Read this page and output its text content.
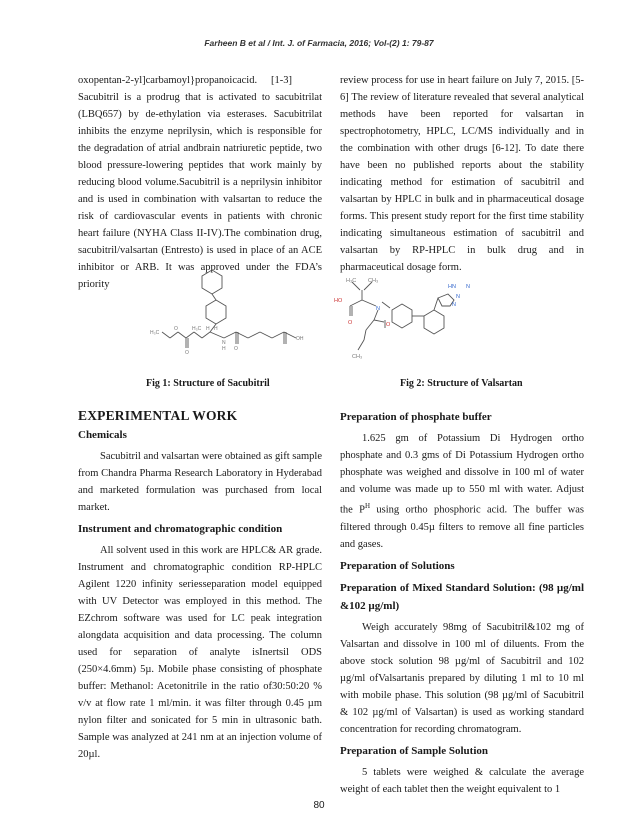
Farheen B et al / Int. J. of Farmacia, 2016; Vol-(2) 1: 79-87

oxopentan-2-yl]carbamoyl}propanoicacid. [1-3]

Sacubitril is a prodrug that is activated to sacubitrilat (LBQ657) by de-ethylation via esterases. Sacubitrilat inhibits the enzyme neprilysin, which is responsible for the degradation of atrial andbrain natriuretic peptide, two blood pressure-lowering peptides that work mainly by reducing blood volume.Sacubitril is a neprilysin inhibitor and is used in combination with valsartan to reduce the risk of cardiovascular events in patients with chronic heart failure (NYHA Class II-IV).The combination drug, sacubitril/valsartan (Entresto) is used in place of an ACE inhibitor or ARB. It was approved under the FDA’s priority

review process for use in heart failure on July 7, 2015. [5-6] The review of literature revealed that several analytical methods have been reported for valsartan in spectrophotometry, HPLC, LC/MS individually and in the combination with other drugs [6-12]. To date there have been no published reports about the stability indicating method for estimation of sacubitril and valsartan by HPLC in bulk and in pharmaceutical dosage forms. This present study report for the first time stability indicating simultaneous estimation of sacubitril and valsartan by RP-HPLC in bulk drug and in pharmaceutical dosage form.

H₃C
O
O
H₃C H H
N
H O
OH
H₃C CH₃
HO
N
O	O
CH₃
HN N
N
N
Fig 1: Structure of Sacubitril	Fig 2: Structure of Valsartan

EXPERIMENTAL WORK

Chemicals

Sacubitril and valsartan were obtained as gift sample from Chandra Pharma Research Laboratory in Hyderabad and marketed formulation was purchased from local market.

Instrument and chromatographic condition

All solvent used in this work are HPLC& AR grade. Instrument and chromatographic condition RP-HPLC Agilent 1220 infinity seriesseparation model equipped with UV Detector was employed in this method. The EZchrom software was used for LC peak integration alongdata acquisition and data processing. The column used for separation of analyte isInertsil ODS (250×4.6mm) 5µ. Mobile phase consisting of phosphate buffer: Methanol: Acetonitrile in the ratio of30:50:20 % v/v at flow rate 1 ml/min. it was filter through 0.45 µm nylon filter and sonicated for 5 min in ultrasonic bath. Sample was analyzed at 241 nm at an injection volume of 20µl.

Preparation of phosphate buffer

1.625 gm of Potassium Di Hydrogen ortho phosphate and 0.3 gms of Di Potassium Hydrogen ortho phosphate was weighed and dissolve in 100 ml of water and volume was made up to 550 ml with water. Adjust the $P^H$ using ortho phosphoric acid. The buffer was filtered through 0.45µ filters to remove all fine particles and gases.

Preparation of Solutions

Preparation of Mixed Standard Solution: (98 µg/ml &102 µg/ml)

Weigh accurately 98mg of Sacubitril&102 mg of Valsartan and dissolve in 100 ml of diluents. From the above stock solution 98 µg/ml of Sacubitril and 102 µg/ml ofValsartanis prepared by diluting 1 ml to 10 ml with mobile phase. This solution (98 µg/ml of Sacubitril & 102 µg/ml of Valsartan) is used as working standard concentration for recording chromatogram.

Preparation of Sample Solution

5 tablets were weighed & calculate the average weight of each tablet then the weight equivalent to 1

80
